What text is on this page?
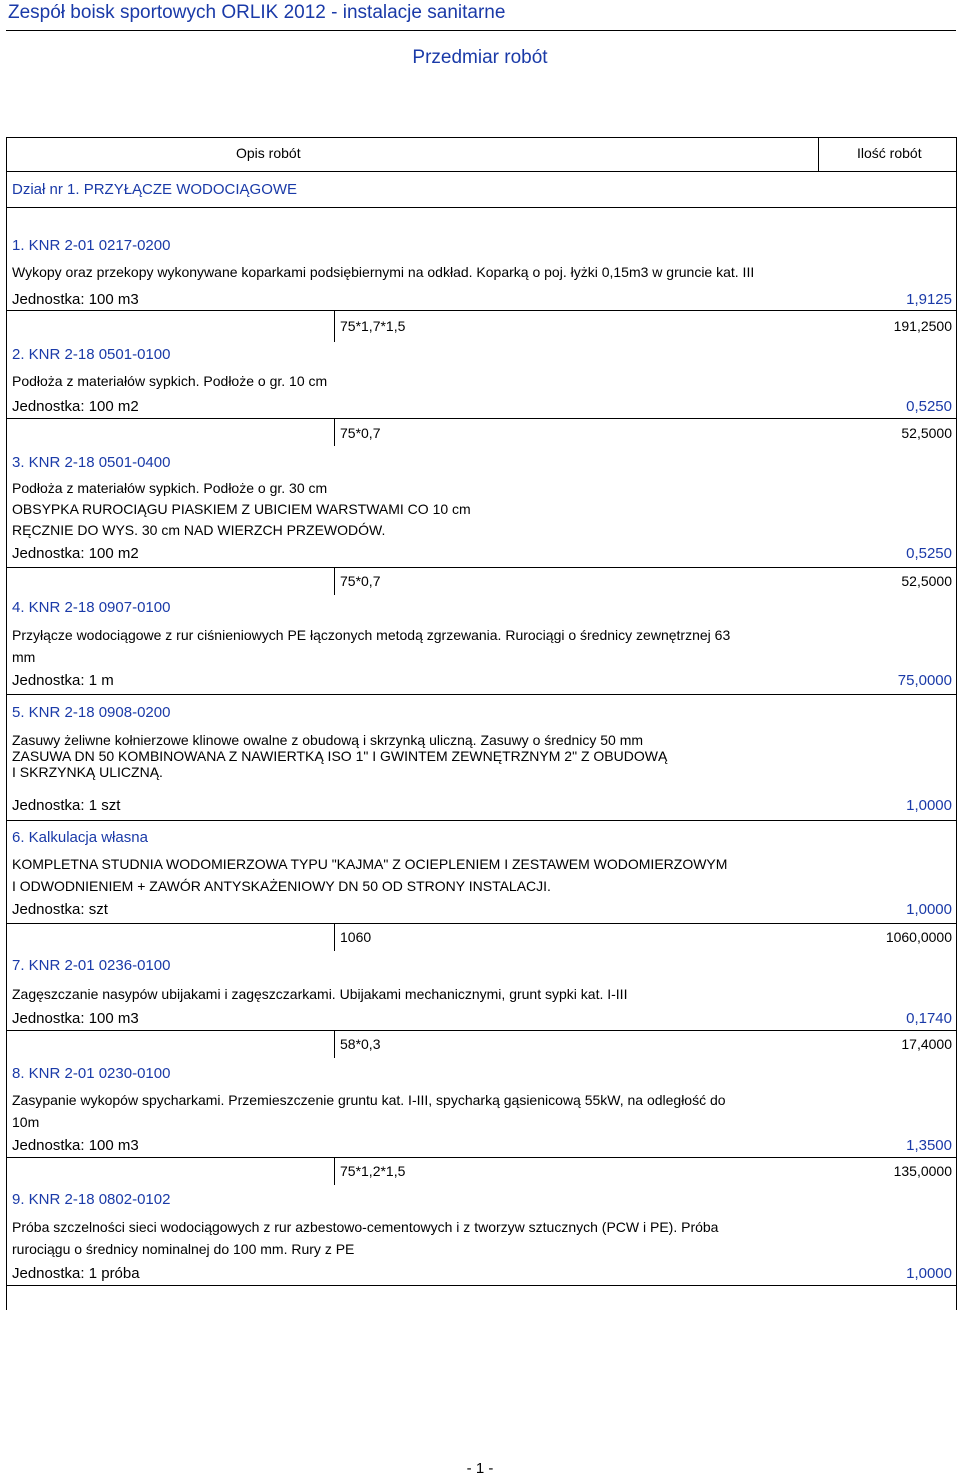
Zespół boisk sportowych ORLIK 2012 - instalacje sanitarne
Przedmiar robót
Opis robót	Ilość robót
Dział nr 1. PRZYŁĄCZE WODOCIĄGOWE
1. KNR 2-01 0217-0200
Wykopy oraz przekopy wykonywane koparkami podsiębiernymi na odkład. Koparką o poj. łyżki 0,15m3 w gruncie kat. III
Jednostka: 100 m3	1,9125
75*1,7*1,5	191,2500
2. KNR 2-18 0501-0100
Podłoża z materiałów sypkich. Podłoże o gr. 10 cm
Jednostka: 100 m2	0,5250
75*0,7	52,5000
3. KNR 2-18 0501-0400
Podłoża z materiałów sypkich. Podłoże o gr. 30 cm
OBSYPKA RUROCIĄGU PIASKIEM Z UBICIEM WARSTWAMI CO 10 cm
RĘCZNIE DO WYS. 30 cm NAD WIERZCH PRZEWODÓW.
Jednostka: 100 m2	0,5250
75*0,7	52,5000
4. KNR 2-18 0907-0100
Przyłącze wodociągowe z rur ciśnieniowych PE łączonych metodą zgrzewania. Rurociągi o średnicy zewnętrznej 63
mm
Jednostka: 1 m	75,0000
5. KNR 2-18 0908-0200
Zasuwy żeliwne kołnierzowe klinowe owalne z obudową i skrzynką uliczną. Zasuwy o średnicy 50 mm
ZASUWA DN 50 KOMBINOWANA Z NAWIERTKĄ ISO 1" I GWINTEM ZEWNĘTRZNYM 2" Z OBUDOWĄ
I SKRZYNKĄ ULICZNĄ.
Jednostka: 1 szt	1,0000
6. Kalkulacja własna
KOMPLETNA STUDNIA WODOMIERZOWA TYPU "KAJMA" Z OCIEPLENIEM I ZESTAWEM WODOMIERZOWYM
I ODWODNIENIEM + ZAWÓR ANTYSKAŻENIOWY DN 50 OD STRONY INSTALACJI.
Jednostka: szt	1,0000
1060	1060,0000
7. KNR 2-01 0236-0100
Zagęszczanie nasypów ubijakami i zagęszczarkami. Ubijakami mechanicznymi, grunt sypki kat. I-III
Jednostka: 100 m3	0,1740
58*0,3	17,4000
8. KNR 2-01 0230-0100
Zasypanie wykopów spycharkami. Przemieszczenie gruntu kat. I-III, spycharką gąsienicową 55kW, na odległość do
10m
Jednostka: 100 m3	1,3500
75*1,2*1,5	135,0000
9. KNR 2-18 0802-0102
Próba szczelności sieci wodociągowych z rur azbestowo-cementowych i z tworzyw sztucznych (PCW i PE). Próba
rurociągu o średnicy nominalnej do 100 mm. Rury z PE
Jednostka: 1 próba	1,0000
- 1 -
